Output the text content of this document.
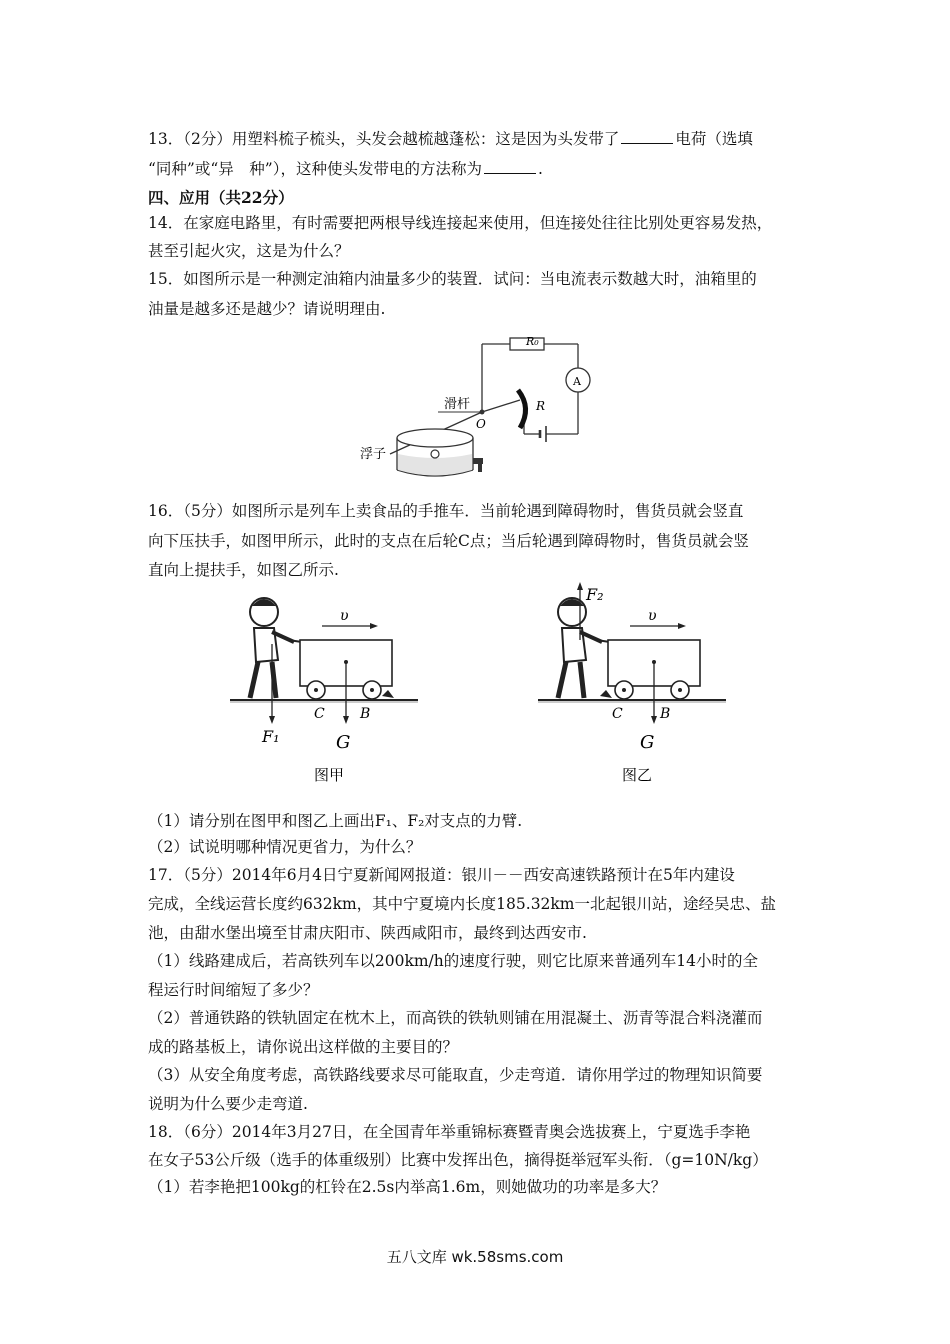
13．（2分）用塑料梳子梳头，头发会越梳越蓬松：这是因为头发带了	电荷（选填
“同种”或“异　种”），这种使头发带电的方法称为	.
四、应用（共22分）
14．在家庭电路里，有时需要把两根导线连接起来使用，但连接处往往比别处更容易发热，
甚至引起火灾，这是为什么？
15．如图所示是一种测定油箱内油量多少的装置．试问：当电流表示数越大时，油箱里的
油量是越多还是越少？请说明理由.
R₀
A
滑杆
O
R
浮子
16．（5分）如图所示是列车上卖食品的手推车．当前轮遇到障碍物时，售货员就会竖直
向下压扶手，如图甲所示，此时的支点在后轮C点；当后轮遇到障碍物时，售货员就会竖
直向上提扶手，如图乙所示.
υ
C	B
F₁	G
图甲
υ
C	B
F₂
G
图乙
（1）请分别在图甲和图乙上画出F₁、F₂对支点的力臂.
（2）试说明哪种情况更省力，为什么？
17．（5分）2014年6月4日宁夏新闻网报道：银川－－西安高速铁路预计在5年内建设
完成，全线运营长度约632km，其中宁夏境内长度185.32km一北起银川站，途经吴忠、盐
池，由甜水堡出境至甘肃庆阳市、陕西咸阳市，最终到达西安市.
（1）线路建成后，若高铁列车以200km/h的速度行驶，则它比原来普通列车14小时的全
程运行时间缩短了多少？
（2）普通铁路的铁轨固定在枕木上，而高铁的铁轨则铺在用混凝土、沥青等混合料浇灌而
成的路基板上，请你说出这样做的主要目的？
（3）从安全角度考虑，高铁路线要求尽可能取直，少走弯道．请你用学过的物理知识简要
说明为什么要少走弯道.
18．（6分）2014年3月27日，在全国青年举重锦标赛暨青奥会选拔赛上，宁夏选手李艳
在女子53公斤级（选手的体重级别）比赛中发挥出色，摘得挺举冠军头衔．（g=10N/kg）
（1）若李艳把100kg的杠铃在2.5s内举高1.6m，则她做功的功率是多大？
五八文库 wk.58sms.com
